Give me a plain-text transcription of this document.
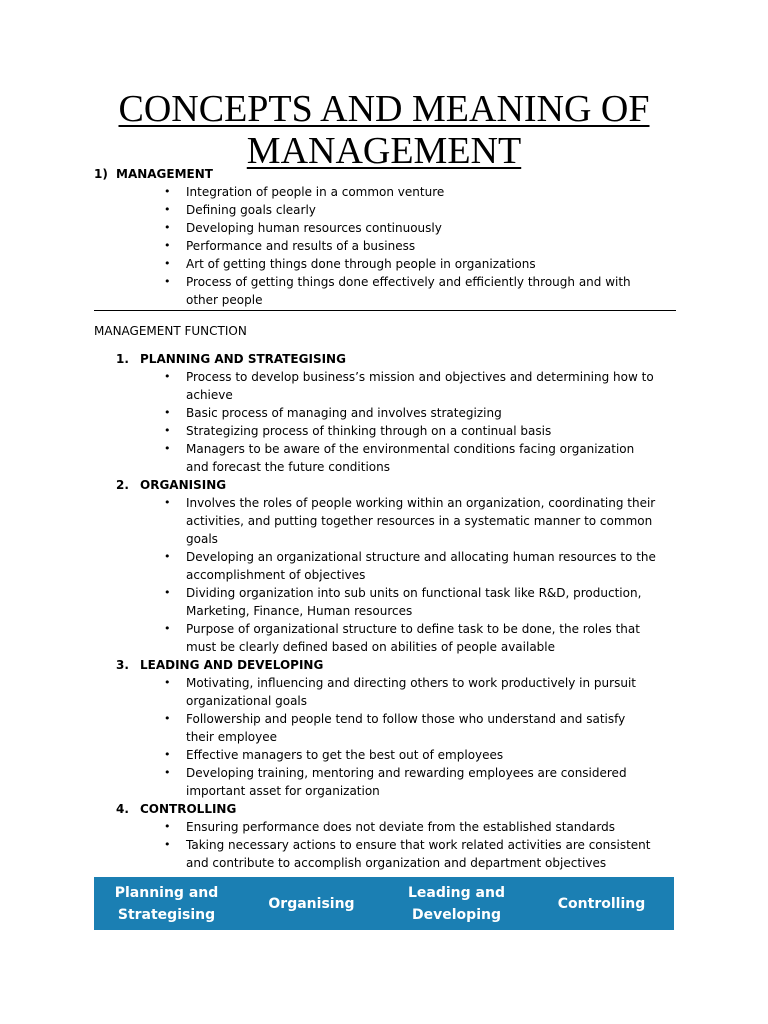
CONCEPTS AND MEANING OF
MANAGEMENT
1) MANAGEMENT
• Integration of people in a common venture
• Defining goals clearly
• Developing human resources continuously
• Performance and results of a business
• Art of getting things done through people in organizations
• Process of getting things done effectively and efficiently through and with other people
MANAGEMENT FUNCTION
1. PLANNING AND STRATEGISING
• Process to develop business’s mission and objectives and determining how to achieve
• Basic process of managing and involves strategizing
• Strategizing process of thinking through on a continual basis
• Managers to be aware of the environmental conditions facing organization and forecast the future conditions
2. ORGANISING
• Involves the roles of people working within an organization, coordinating their activities, and putting together resources in a systematic manner to common goals
• Developing an organizational structure and allocating human resources to the accomplishment of objectives
• Dividing organization into sub units on functional task like R&D, production, Marketing, Finance, Human resources
• Purpose of organizational structure to define task to be done, the roles that must be clearly defined based on abilities of people available
3. LEADING AND DEVELOPING
• Motivating, influencing and directing others to work productively in pursuit organizational goals
• Followership and people tend to follow those who understand and satisfy their employee
• Effective managers to get the best out of employees
• Developing training, mentoring and rewarding employees are considered important asset for organization
4. CONTROLLING
• Ensuring performance does not deviate from the established standards
• Taking necessary actions to ensure that work related activities are consistent and contribute to accomplish organization and department objectives
Planning and Strategising
Organising
Leading and Developing
Controlling
